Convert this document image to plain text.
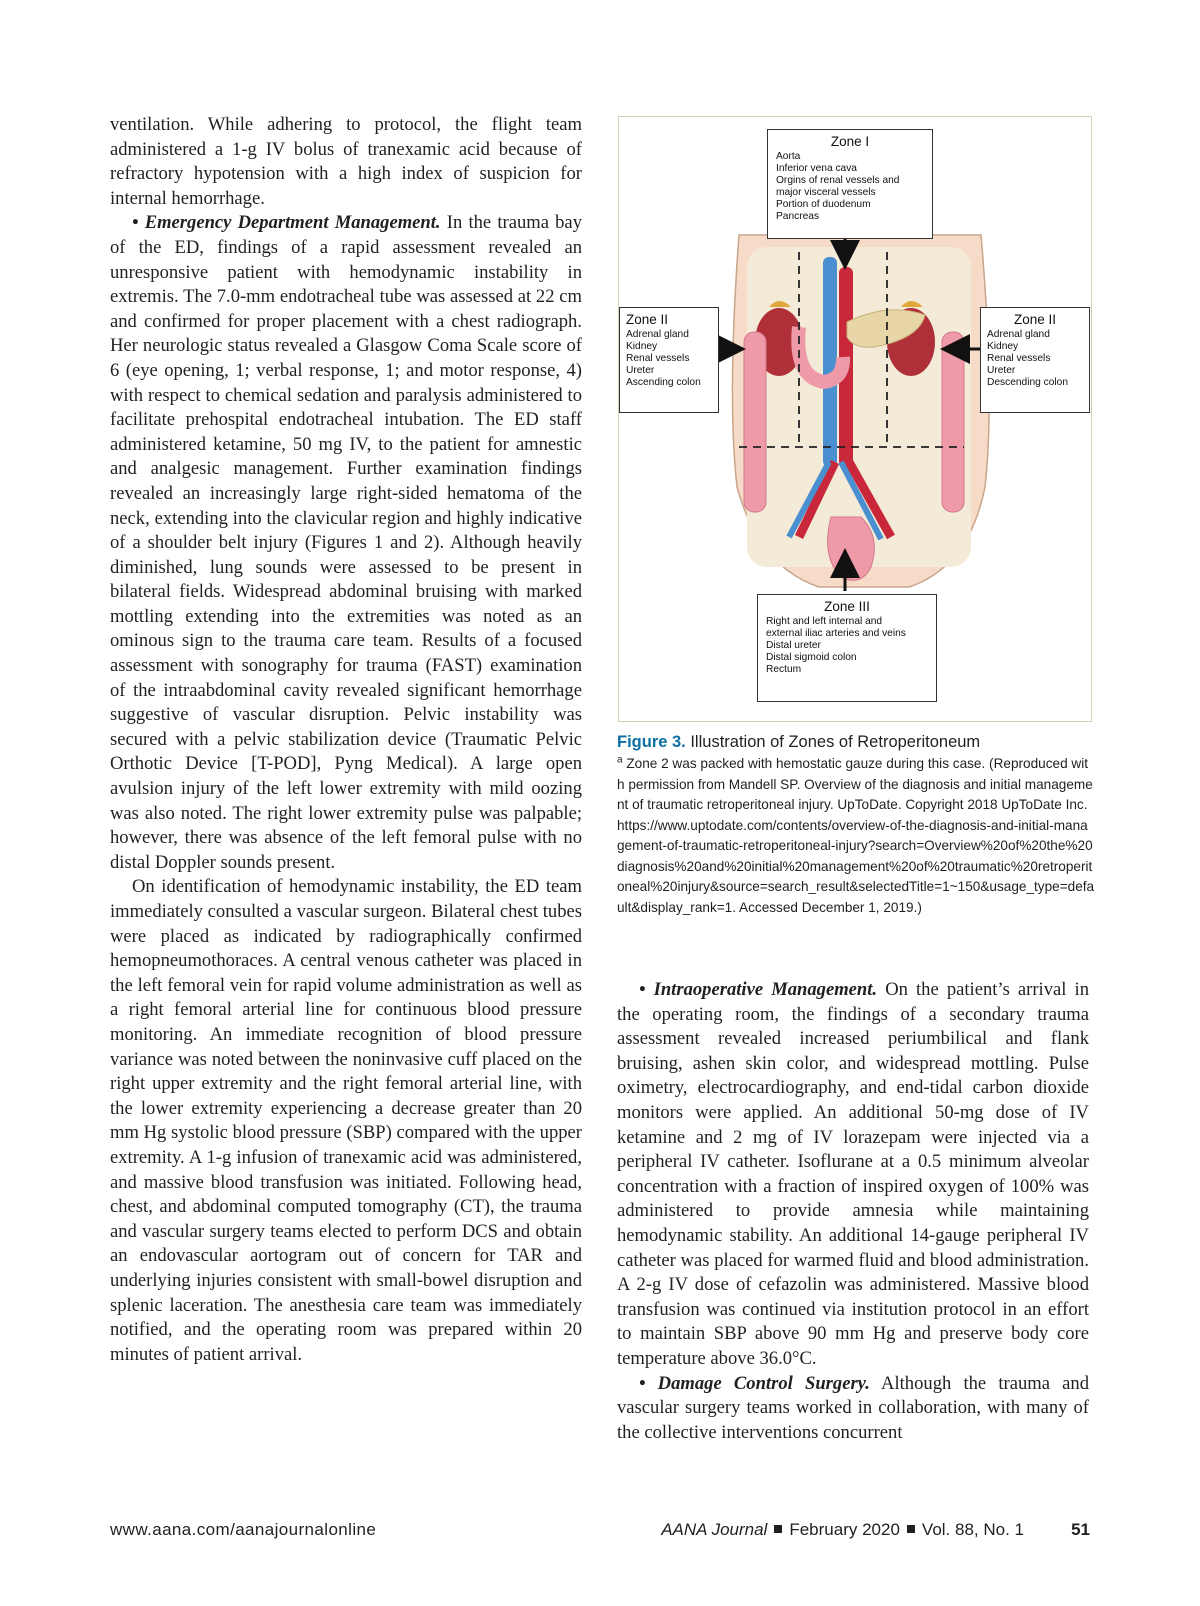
ventilation. While adhering to protocol, the flight team administered a 1-g IV bolus of tranexamic acid because of refractory hypotension with a high index of suspicion for internal hemorrhage.

• Emergency Department Management. In the trauma bay of the ED, findings of a rapid assessment revealed an unresponsive patient with hemodynamic instability in extremis. The 7.0-mm endotracheal tube was assessed at 22 cm and confirmed for proper placement with a chest radiograph. Her neurologic status revealed a Glasgow Coma Scale score of 6 (eye opening, 1; verbal response, 1; and motor response, 4) with respect to chemical sedation and paralysis administered to facilitate prehospital endotracheal intubation. The ED staff administered ketamine, 50 mg IV, to the patient for amnestic and analgesic management. Further examination findings revealed an increasingly large right-sided hematoma of the neck, extending into the clavicular region and highly indicative of a shoulder belt injury (Figures 1 and 2). Although heavily diminished, lung sounds were assessed to be present in bilateral fields. Widespread abdominal bruising with marked mottling extending into the extremities was noted as an ominous sign to the trauma care team. Results of a focused assessment with sonography for trauma (FAST) examination of the intraabdominal cavity revealed significant hemorrhage suggestive of vascular disruption. Pelvic instability was secured with a pelvic stabilization device (Traumatic Pelvic Orthotic Device [T-POD], Pyng Medical). A large open avulsion injury of the left lower extremity with mild oozing was also noted. The right lower extremity pulse was palpable; however, there was absence of the left femoral pulse with no distal Doppler sounds present.

On identification of hemodynamic instability, the ED team immediately consulted a vascular surgeon. Bilateral chest tubes were placed as indicated by radiographically confirmed hemopneumothoraces. A central venous catheter was placed in the left femoral vein for rapid volume administration as well as a right femoral arterial line for continuous blood pressure monitoring. An immediate recognition of blood pressure variance was noted between the noninvasive cuff placed on the right upper extremity and the right femoral arterial line, with the lower extremity experiencing a decrease greater than 20 mm Hg systolic blood pressure (SBP) compared with the upper extremity. A 1-g infusion of tranexamic acid was administered, and massive blood transfusion was initiated. Following head, chest, and abdominal computed tomography (CT), the trauma and vascular surgery teams elected to perform DCS and obtain an endovascular aortogram out of concern for TAR and underlying injuries consistent with small-bowel disruption and splenic laceration. The anesthesia care team was immediately notified, and the operating room was prepared within 20 minutes of patient arrival.

Zone I
Aorta
Inferior vena cava
Orgins of renal vessels and
major visceral vessels
Portion of duodenum
Pancreas
Zone II
Adrenal gland
Kidney
Renal vessels
Ureter
Ascending colon
Zone II
Adrenal gland
Kidney
Renal vessels
Ureter
Descending colon
Zone III
Right and left internal and
external iliac arteries and veins
Distal ureter
Distal sigmoid colon
Rectum
Figure 3. Illustration of Zones of Retroperitoneum

$^a$ Zone 2 was packed with hemostatic gauze during this case. (Reproduced with permission from Mandell SP. Overview of the diagnosis and initial management of traumatic retroperitoneal injury. UpToDate. Copyright 2018 UpToDate Inc. https://www.uptodate.com/contents/overview-of-the-diagnosis-and-initial-management-of-traumatic-retroperitoneal-injury?search=Overview%20of%20the%20diagnosis%20and%20initial%20management%20of%20traumatic%20retroperitoneal%20injury&source=search_result&selectedTitle=1~150&usage_type=default&display_rank=1. Accessed December 1, 2019.)

• Intraoperative Management. On the patient’s arrival in the operating room, the findings of a secondary trauma assessment revealed increased periumbilical and flank bruising, ashen skin color, and widespread mottling. Pulse oximetry, electrocardiography, and end-tidal carbon dioxide monitors were applied. An additional 50-mg dose of IV ketamine and 2 mg of IV lorazepam were injected via a peripheral IV catheter. Isoflurane at a 0.5 minimum alveolar concentration with a fraction of inspired oxygen of 100% was administered to provide amnesia while maintaining hemodynamic stability. An additional 14-gauge peripheral IV catheter was placed for warmed fluid and blood administration. A 2-g IV dose of cefazolin was administered. Massive blood transfusion was continued via institution protocol in an effort to maintain SBP above 90 mm Hg and preserve body core temperature above 36.0°C.

• Damage Control Surgery. Although the trauma and vascular surgery teams worked in collaboration, with many of the collective interventions concurrent

www.aana.com/aanajournalonline	AANA Journal February 2020 Vol. 88, No. 1	51
